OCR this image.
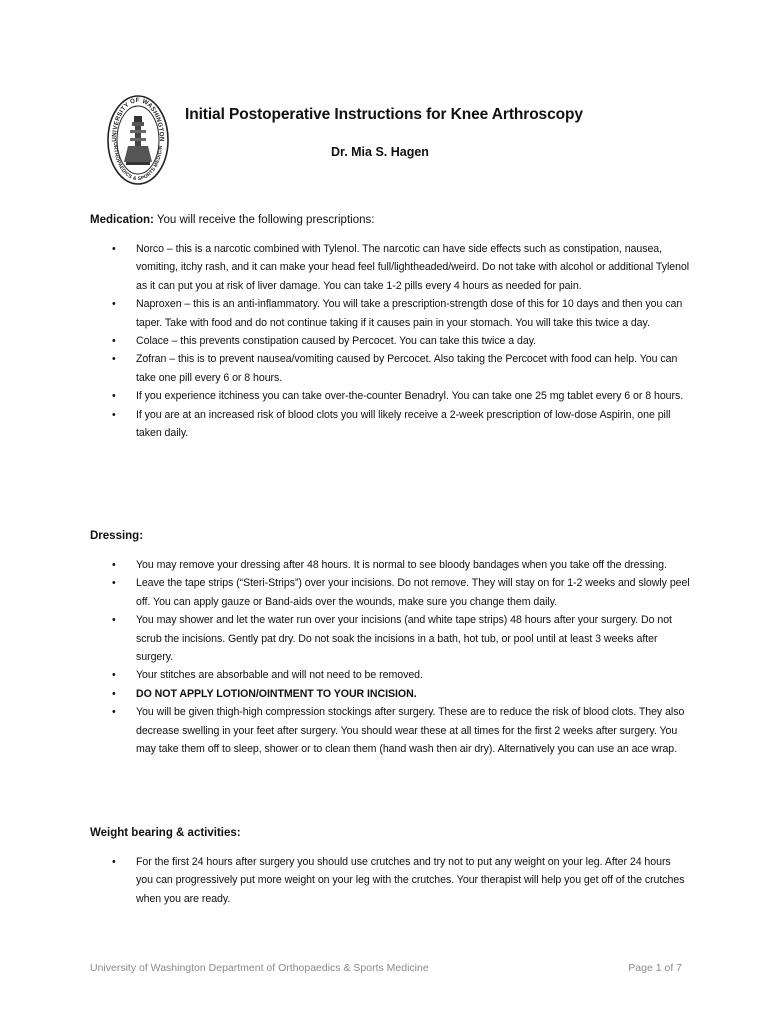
UNIVERSITY OF WASHINGTON
ORTHOPAEDICS & SPORTS MEDICIN
Initial Postoperative Instructions for Knee Arthroscopy
Dr. Mia S. Hagen

Medication: You will receive the following prescriptions:

• Norco – this is a narcotic combined with Tylenol. The narcotic can have side effects such as constipation, nausea, vomiting, itchy rash, and it can make your head feel full/lightheaded/weird. Do not take with alcohol or additional Tylenol as it can put you at risk of liver damage. You can take 1-2 pills every 4 hours as needed for pain.
• Naproxen – this is an anti-inflammatory. You will take a prescription-strength dose of this for 10 days and then you can taper. Take with food and do not continue taking if it causes pain in your stomach. You will take this twice a day.
• Colace – this prevents constipation caused by Percocet. You can take this twice a day.
• Zofran – this is to prevent nausea/vomiting caused by Percocet. Also taking the Percocet with food can help. You can take one pill every 6 or 8 hours.
• If you experience itchiness you can take over-the-counter Benadryl. You can take one 25 mg tablet every 6 or 8 hours.
• If you are at an increased risk of blood clots you will likely receive a 2-week prescription of low-dose Aspirin, one pill taken daily.

Dressing:

• You may remove your dressing after 48 hours. It is normal to see bloody bandages when you take off the dressing.
• Leave the tape strips (“Steri-Strips”) over your incisions. Do not remove. They will stay on for 1-2 weeks and slowly peel off. You can apply gauze or Band-aids over the wounds, make sure you change them daily.
• You may shower and let the water run over your incisions (and white tape strips) 48 hours after your surgery. Do not scrub the incisions. Gently pat dry. Do not soak the incisions in a bath, hot tub, or pool until at least 3 weeks after surgery.
• Your stitches are absorbable and will not need to be removed.
• DO NOT APPLY LOTION/OINTMENT TO YOUR INCISION.
• You will be given thigh-high compression stockings after surgery. These are to reduce the risk of blood clots. They also decrease swelling in your feet after surgery. You should wear these at all times for the first 2 weeks after surgery. You may take them off to sleep, shower or to clean them (hand wash then air dry). Alternatively you can use an ace wrap.

Weight bearing & activities:

• For the first 24 hours after surgery you should use crutches and try not to put any weight on your leg. After 24 hours you can progressively put more weight on your leg with the crutches. Your therapist will help you get off of the crutches when you are ready.
University of Washington Department of Orthopaedics & Sports Medicine	Page 1 of 7
